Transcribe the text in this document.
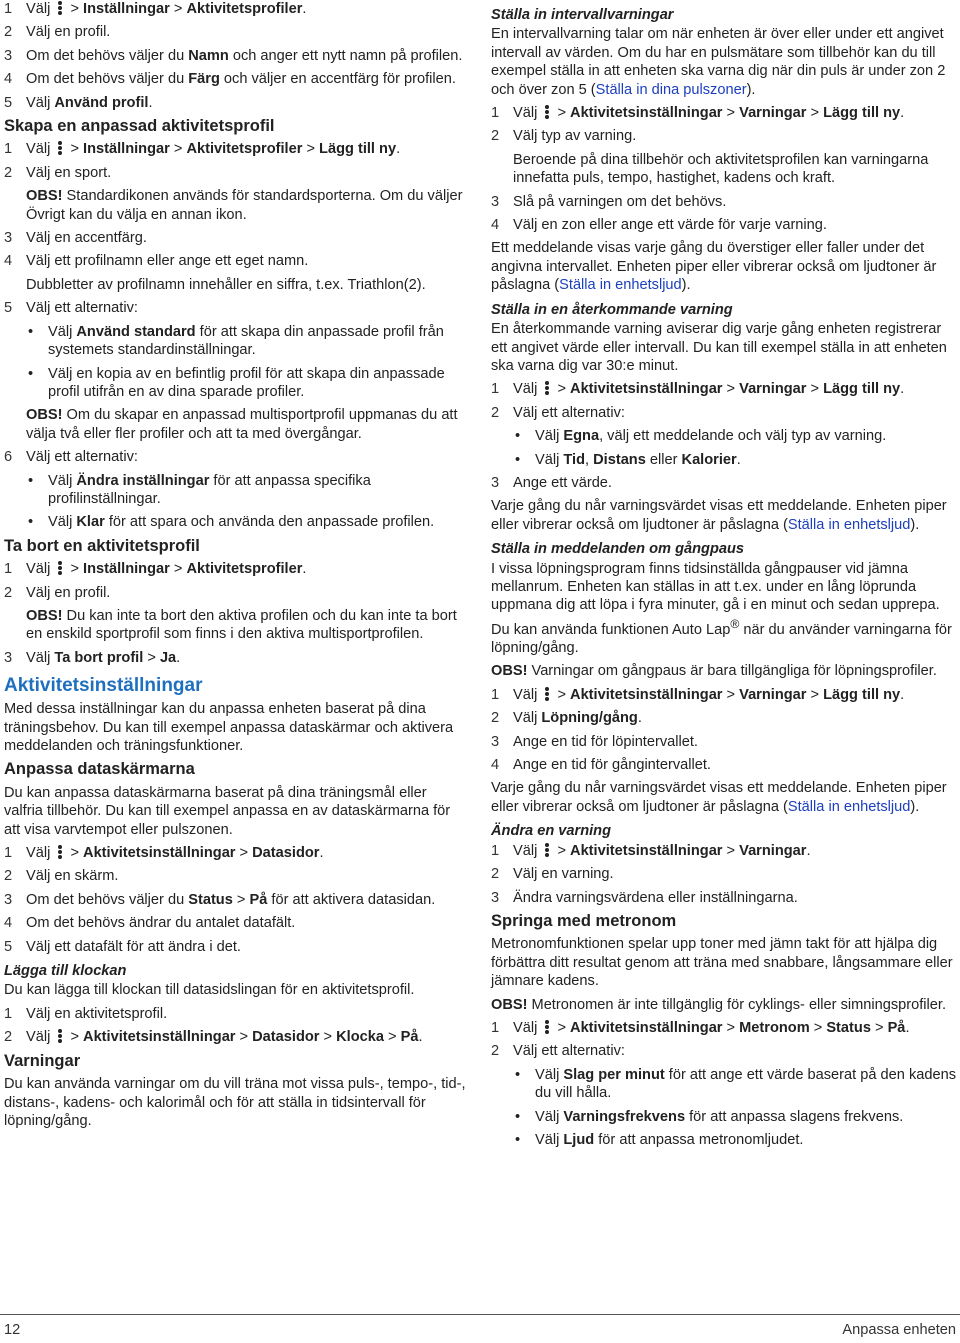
1 Välj
> Inställningar > Aktivitetsprofiler.
2 Välj en profil.
3 Om det behövs väljer du Namn och anger ett nytt namn på profilen.
4 Om det behövs väljer du Färg och väljer en accentfärg för profilen.
5 Välj Använd profil.
Skapa en anpassad aktivitetsprofil
1 Välj
> Inställningar > Aktivitetsprofiler > Lägg till ny.
2 Välj en sport.
OBS! Standardikonen används för standardsporterna. Om du väljer Övrigt kan du välja en annan ikon.
3 Välj en accentfärg.
4 Välj ett profilnamn eller ange ett eget namn.
Dubbletter av profilnamn innehåller en siffra, t.ex. Triathlon(2).
5 Välj ett alternativ:
• Välj Använd standard för att skapa din anpassade profil från systemets standardinställningar.
• Välj en kopia av en befintlig profil för att skapa din anpassade profil utifrån en av dina sparade profiler.
OBS! Om du skapar en anpassad multisportprofil uppmanas du att välja två eller fler profiler och att ta med övergångar.
6 Välj ett alternativ:
• Välj Ändra inställningar för att anpassa specifika profilinställningar.
• Välj Klar för att spara och använda den anpassade profilen.
Ta bort en aktivitetsprofil
1 Välj
> Inställningar > Aktivitetsprofiler.
2 Välj en profil.
OBS! Du kan inte ta bort den aktiva profilen och du kan inte ta bort en enskild sportprofil som finns i den aktiva multisportprofilen.
3 Välj Ta bort profil > Ja.
Aktivitetsinställningar
Med dessa inställningar kan du anpassa enheten baserat på dina träningsbehov. Du kan till exempel anpassa dataskärmar och aktivera meddelanden och träningsfunktioner.
Anpassa dataskärmarna
Du kan anpassa dataskärmarna baserat på dina träningsmål eller valfria tillbehör. Du kan till exempel anpassa en av dataskärmarna för att visa varvtempot eller pulszonen.
1 Välj
> Aktivitetsinställningar > Datasidor.
2 Välj en skärm.
3 Om det behövs väljer du Status > På för att aktivera datasidan.
4 Om det behövs ändrar du antalet datafält.
5 Välj ett datafält för att ändra i det.
Lägga till klockan
Du kan lägga till klockan till datasidslingan för en aktivitetsprofil.
1 Välj en aktivitetsprofil.
2 Välj
> Aktivitetsinställningar > Datasidor > Klocka > På.
Varningar
Du kan använda varningar om du vill träna mot vissa puls-, tempo-, tid-, distans-, kadens- och kalorimål och för att ställa in tidsintervall för löpning/gång.
Ställa in intervallvarningar
En intervallvarning talar om när enheten är över eller under ett angivet intervall av värden. Om du har en pulsmätare som tillbehör kan du till exempel ställa in att enheten ska varna dig när din puls är under zon 2 och över zon 5 (Ställa in dina pulszoner).
1 Välj
> Aktivitetsinställningar > Varningar > Lägg till ny.
2 Välj typ av varning.
Beroende på dina tillbehör och aktivitetsprofilen kan varningarna innefatta puls, tempo, hastighet, kadens och kraft.
3 Slå på varningen om det behövs.
4 Välj en zon eller ange ett värde för varje varning.
Ett meddelande visas varje gång du överstiger eller faller under det angivna intervallet. Enheten piper eller vibrerar också om ljudtoner är påslagna (Ställa in enhetsljud).
Ställa in en återkommande varning
En återkommande varning aviserar dig varje gång enheten registrerar ett angivet värde eller intervall. Du kan till exempel ställa in att enheten ska varna dig var 30:e minut.
1 Välj
> Aktivitetsinställningar > Varningar > Lägg till ny.
2 Välj ett alternativ:
• Välj Egna, välj ett meddelande och välj typ av varning.
• Välj Tid, Distans eller Kalorier.
3 Ange ett värde.
Varje gång du når varningsvärdet visas ett meddelande. Enheten piper eller vibrerar också om ljudtoner är påslagna (Ställa in enhetsljud).
Ställa in meddelanden om gångpaus
I vissa löpningsprogram finns tidsinställda gångpauser vid jämna mellanrum. Enheten kan ställas in att t.ex. under en lång löprunda uppmana dig att löpa i fyra minuter, gå i en minut och sedan upprepa. Du kan använda funktionen Auto Lap® när du använder varningarna för löpning/gång.
OBS! Varningar om gångpaus är bara tillgängliga för löpningsprofiler.
1 Välj
> Aktivitetsinställningar > Varningar > Lägg till ny.
2 Välj Löpning/gång.
3 Ange en tid för löpintervallet.
4 Ange en tid för gångintervallet.
Varje gång du når varningsvärdet visas ett meddelande. Enheten piper eller vibrerar också om ljudtoner är påslagna (Ställa in enhetsljud).
Ändra en varning
1 Välj
> Aktivitetsinställningar > Varningar.
2 Välj en varning.
3 Ändra varningsvärdena eller inställningarna.
Springa med metronom
Metronomfunktionen spelar upp toner med jämn takt för att hjälpa dig förbättra ditt resultat genom att träna med snabbare, långsammare eller jämnare kadens.
OBS! Metronomen är inte tillgänglig för cyklings- eller simningsprofiler.
1 Välj
> Aktivitetsinställningar > Metronom > Status > På.
2 Välj ett alternativ:
• Välj Slag per minut för att ange ett värde baserat på den kadens du vill hålla.
• Välj Varningsfrekvens för att anpassa slagens frekvens.
• Välj Ljud för att anpassa metronomljudet.
12	Anpassa enheten
